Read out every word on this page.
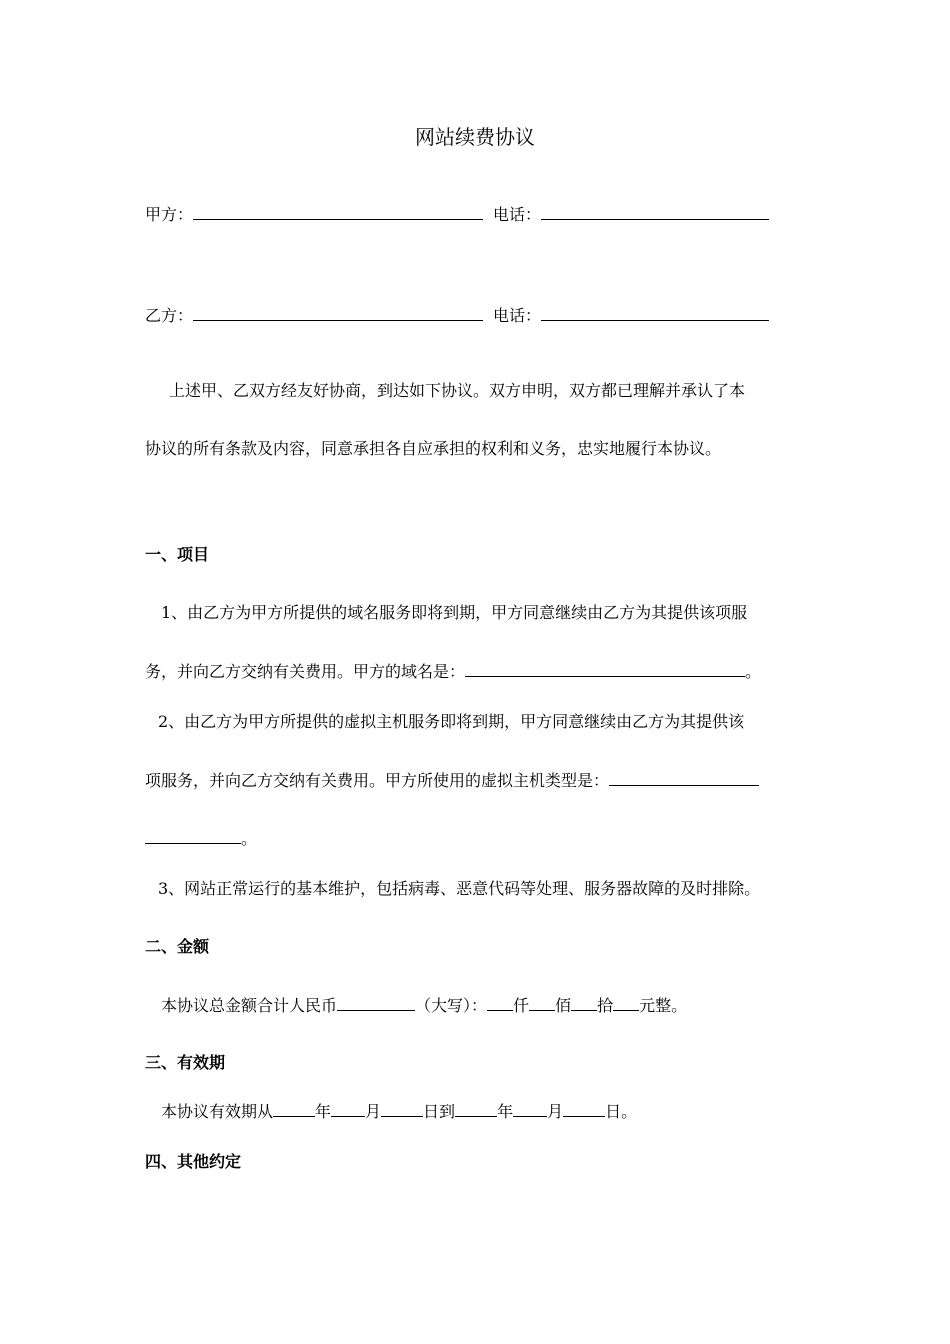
网站续费协议
甲方：	电话：
乙方：	电话：
上述甲、乙双方经友好协商，到达如下协议。双方申明，双方都已理解并承认了本
协议的所有条款及内容，同意承担各自应承担的权利和义务，忠实地履行本协议。
一、项目
1、由乙方为甲方所提供的域名服务即将到期，甲方同意继续由乙方为其提供该项服
务，并向乙方交纳有关费用。甲方的域名是：	。
2、由乙方为甲方所提供的虚拟主机服务即将到期，甲方同意继续由乙方为其提供该
项服务，并向乙方交纳有关费用。甲方所使用的虚拟主机类型是：
。
3、网站正常运行的基本维护，包括病毒、恶意代码等处理、服务器故障的及时排除。
二、金额
本协议总金额合计人民币	（大写）： 仟 佰 拾 元整。
三、有效期
本协议有效期从	年 月	日到	年 月	日。
四、其他约定
